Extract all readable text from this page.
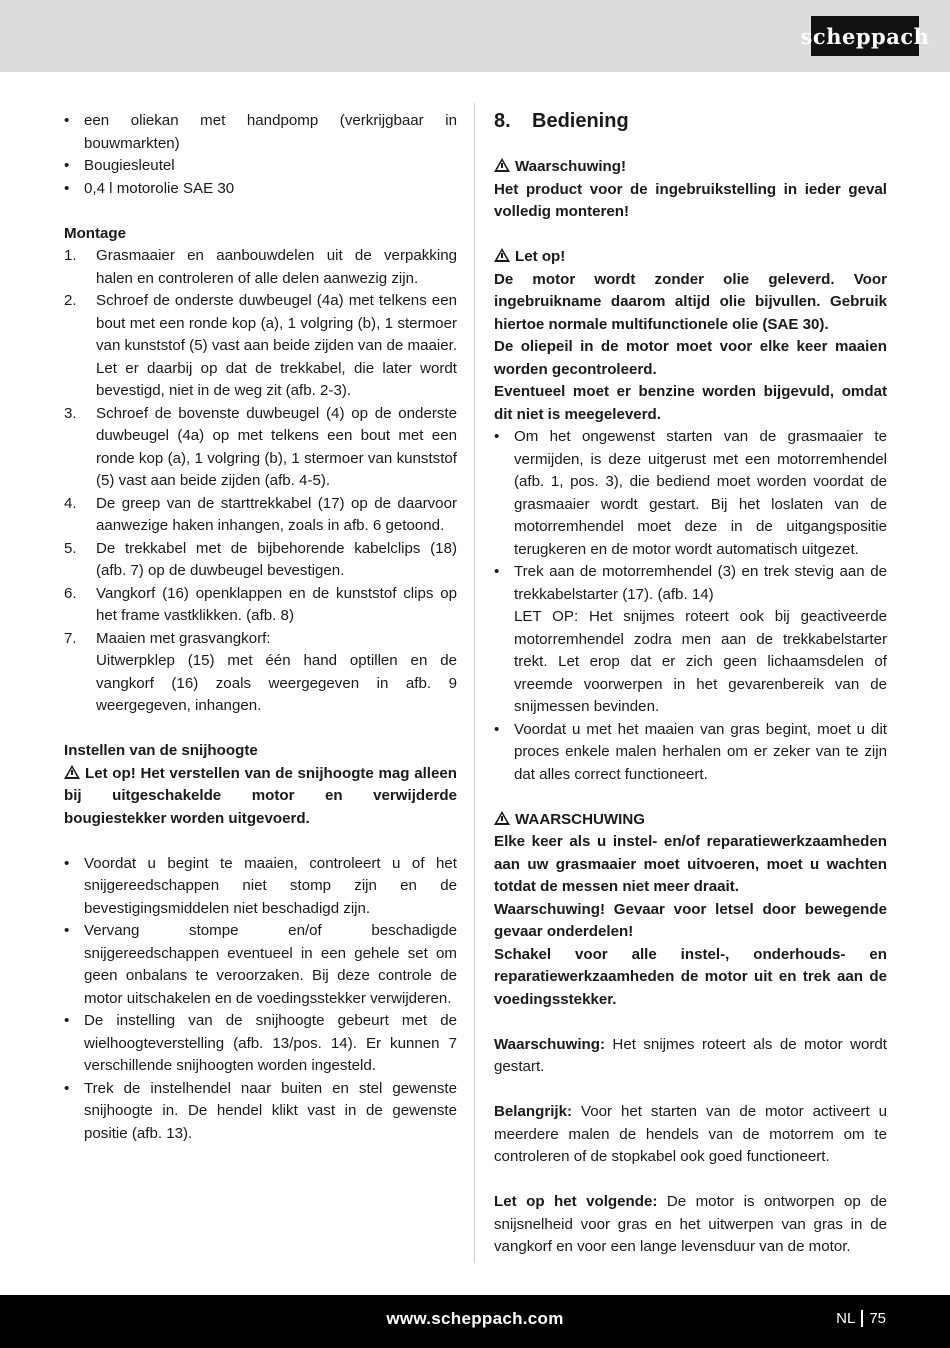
scheppach
• een oliekan met handpomp (verkrijgbaar in bouwmarkten)
• Bougiesleutel
• 0,4 l motorolie SAE 30
Montage
1. Grasmaaier en aanbouwdelen uit de verpakking halen en controleren of alle delen aanwezig zijn.
2. Schroef de onderste duwbeugel (4a) met telkens een bout met een ronde kop (a), 1 volgring (b), 1 stermoer van kunststof (5) vast aan beide zijden van de maaier. Let er daarbij op dat de trekkabel, die later wordt bevestigd, niet in de weg zit (afb. 2-3).
3. Schroef de bovenste duwbeugel (4) op de onderste duwbeugel (4a) op met telkens een bout met een ronde kop (a), 1 volgring (b), 1 stermoer van kunststof (5) vast aan beide zijden (afb. 4-5).
4. De greep van de starttrekkabel (17) op de daarvoor aanwezige haken inhangen, zoals in afb. 6 getoond.
5. De trekkabel met de bijbehorende kabelclips (18) (afb. 7) op de duwbeugel bevestigen.
6. Vangkorf (16) openklappen en de kunststof clips op het frame vastklikken. (afb. 8)
7. Maaien met grasvangkorf:
Uitwerpklep (15) met één hand optillen en de vangkorf (16) zoals weergegeven in afb. 9 weergegeven, inhangen.
Instellen van de snijhoogte
Let op! Het verstellen van de snijhoogte mag alleen bij uitgeschakelde motor en verwijderde bougiestekker worden uitgevoerd.
• Voordat u begint te maaien, controleert u of het snijgereedschappen niet stomp zijn en de bevestigingsmiddelen niet beschadigd zijn.
• Vervang stompe en/of beschadigde snijgereedschappen eventueel in een gehele set om geen onbalans te veroorzaken. Bij deze controle de motor uitschakelen en de voedingsstekker verwijderen.
• De instelling van de snijhoogte gebeurt met de wielhoogteverstelling (afb. 13/pos. 14). Er kunnen 7 verschillende snijhoogten worden ingesteld.
• Trek de instelhendel naar buiten en stel gewenste snijhoogte in. De hendel klikt vast in de gewenste positie (afb. 13).
8.	Bediening
Waarschuwing!
Het product voor de ingebruikstelling in ieder geval volledig monteren!
Let op!
De motor wordt zonder olie geleverd. Voor ingebruikname daarom altijd olie bijvullen. Gebruik hiertoe normale multifunctionele olie (SAE 30).
De oliepeil in de motor moet voor elke keer maaien worden gecontroleerd.
Eventueel moet er benzine worden bijgevuld, omdat dit niet is meegeleverd.
• Om het ongewenst starten van de grasmaaier te vermijden, is deze uitgerust met een motorremhendel (afb. 1, pos. 3), die bediend moet worden voordat de grasmaaier wordt gestart. Bij het loslaten van de motorremhendel moet deze in de uitgangspositie terugkeren en de motor wordt automatisch uitgezet.
• Trek aan de motorremhendel (3) en trek stevig aan de trekkabelstarter (17). (afb. 14)
LET OP: Het snijmes roteert ook bij geactiveerde motorremhendel zodra men aan de trekkabelstarter trekt. Let erop dat er zich geen lichaamsdelen of vreemde voorwerpen in het gevarenbereik van de snijmessen bevinden.
• Voordat u met het maaien van gras begint, moet u dit proces enkele malen herhalen om er zeker van te zijn dat alles correct functioneert.
WAARSCHUWING
Elke keer als u instel- en/of reparatiewerkzaamheden aan uw grasmaaier moet uitvoeren, moet u wachten totdat de messen niet meer draait.
Waarschuwing! Gevaar voor letsel door bewegende gevaar onderdelen!
Schakel voor alle instel-, onderhouds- en reparatiewerkzaamheden de motor uit en trek aan de voedingsstekker.
Waarschuwing: Het snijmes roteert als de motor wordt gestart.
Belangrijk: Voor het starten van de motor activeert u meerdere malen de hendels van de motorrem om te controleren of de stopkabel ook goed functioneert.
Let op het volgende: De motor is ontworpen op de snijsnelheid voor gras en het uitwerpen van gras in de vangkorf en voor een lange levensduur van de motor.
www.scheppach.com	NL 75
